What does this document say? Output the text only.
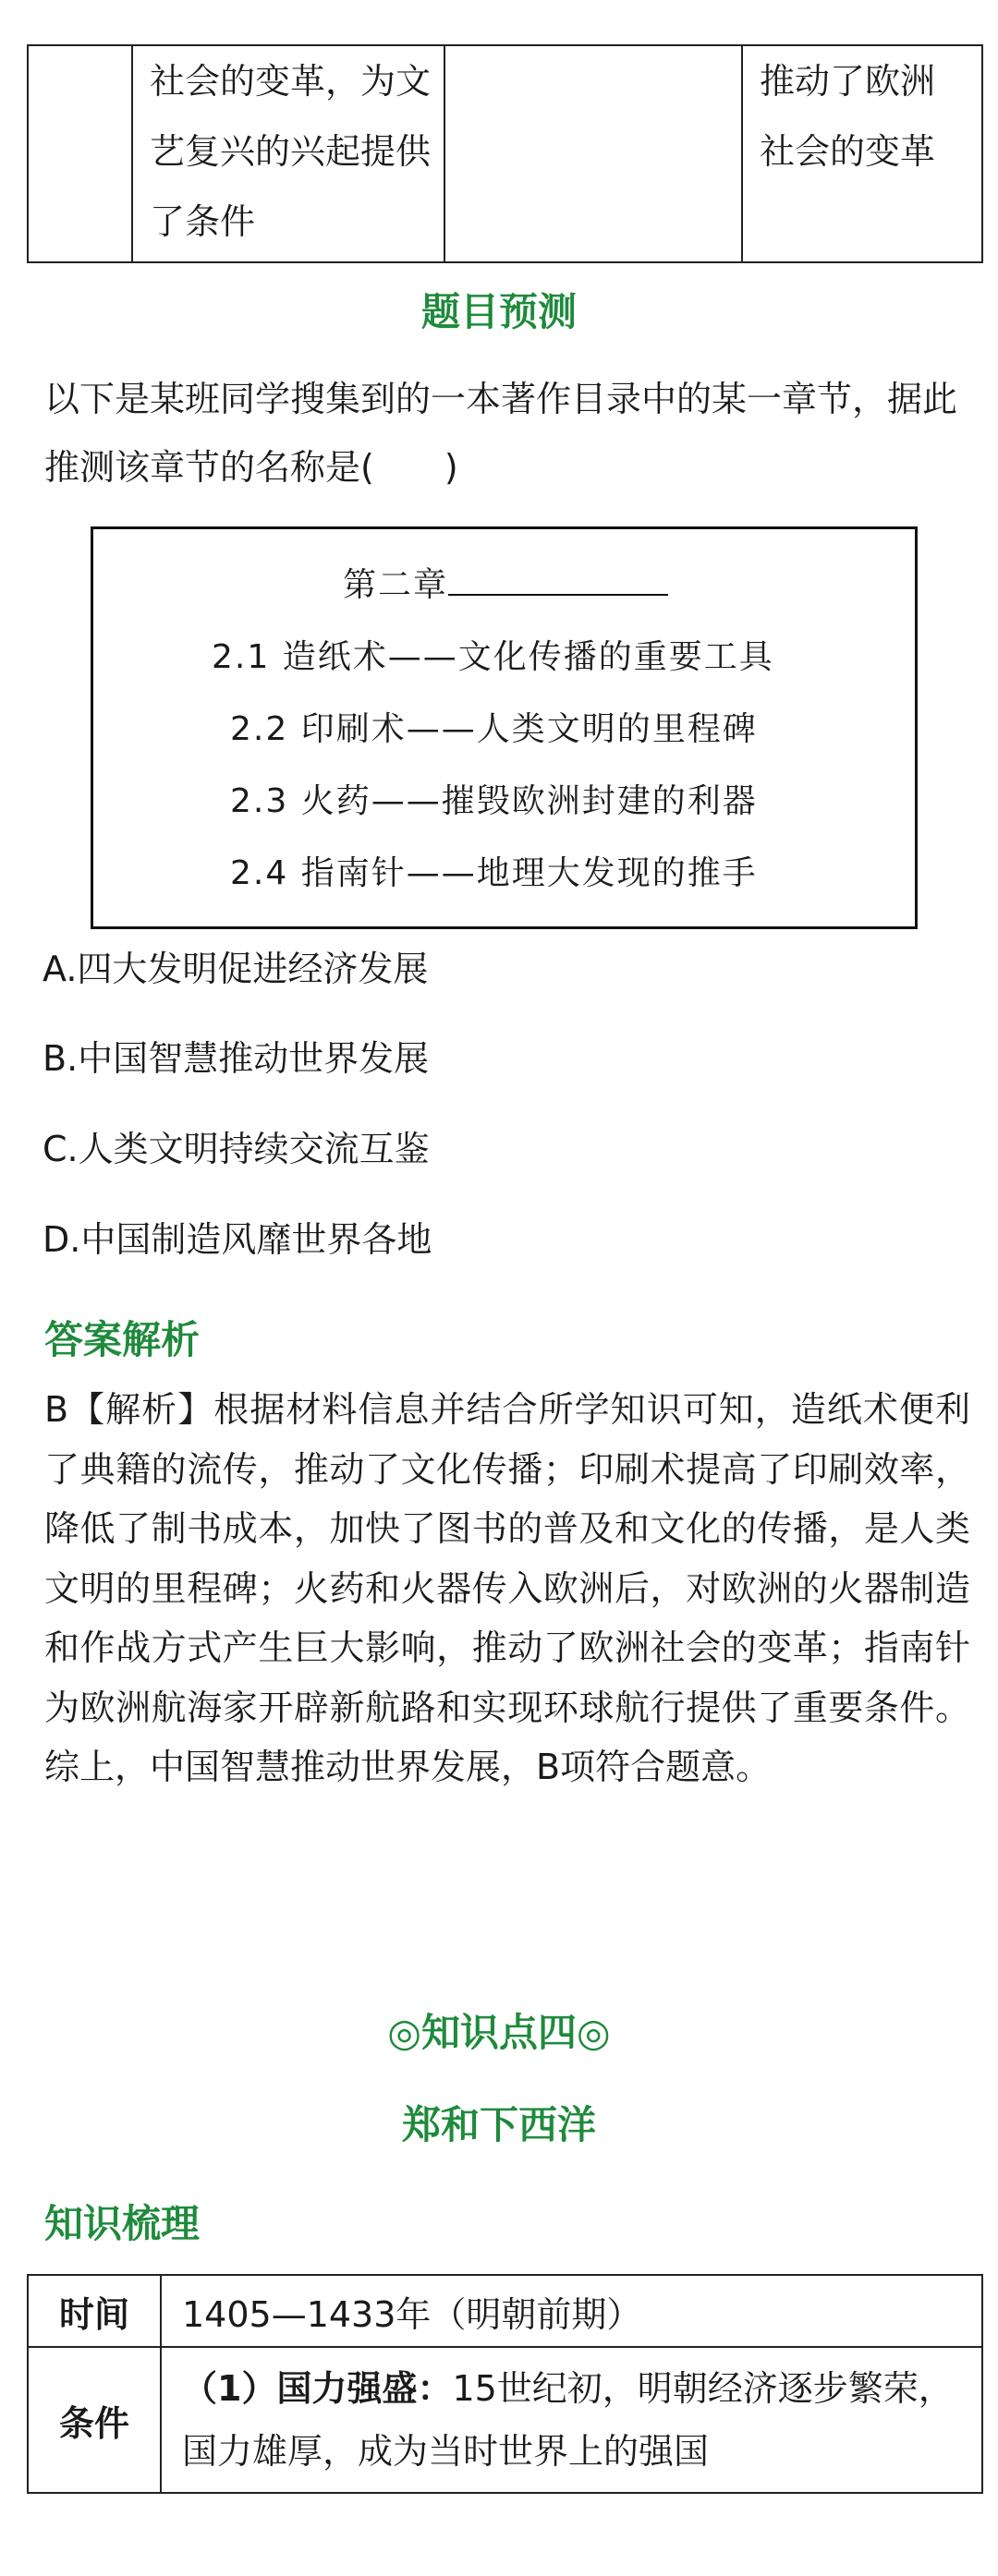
	社会的变革，为文艺复兴的兴起提供了条件		推动了欧洲社会的变革
题目预测
以下是某班同学搜集到的一本著作目录中的某一章节，据此推测该章节的名称是(　　)
第二章
2.1 造纸术——文化传播的重要工具
2.2 印刷术——人类文明的里程碑
2.3 火药——摧毁欧洲封建的利器
2.4 指南针——地理大发现的推手
A.四大发明促进经济发展
B.中国智慧推动世界发展
C.人类文明持续交流互鉴
D.中国制造风靡世界各地
答案解析
B【解析】根据材料信息并结合所学知识可知，造纸术便利了典籍的流传，推动了文化传播；印刷术提高了印刷效率，降低了制书成本，加快了图书的普及和文化的传播，是人类文明的里程碑；火药和火器传入欧洲后，对欧洲的火器制造和作战方式产生巨大影响，推动了欧洲社会的变革；指南针为欧洲航海家开辟新航路和实现环球航行提供了重要条件。综上，中国智慧推动世界发展，B项符合题意。
◎知识点四◎
郑和下西洋
知识梳理
时间	1405—1433年（明朝前期）
条件	（1）国力强盛：15世纪初，明朝经济逐步繁荣，国力雄厚，成为当时世界上的强国
